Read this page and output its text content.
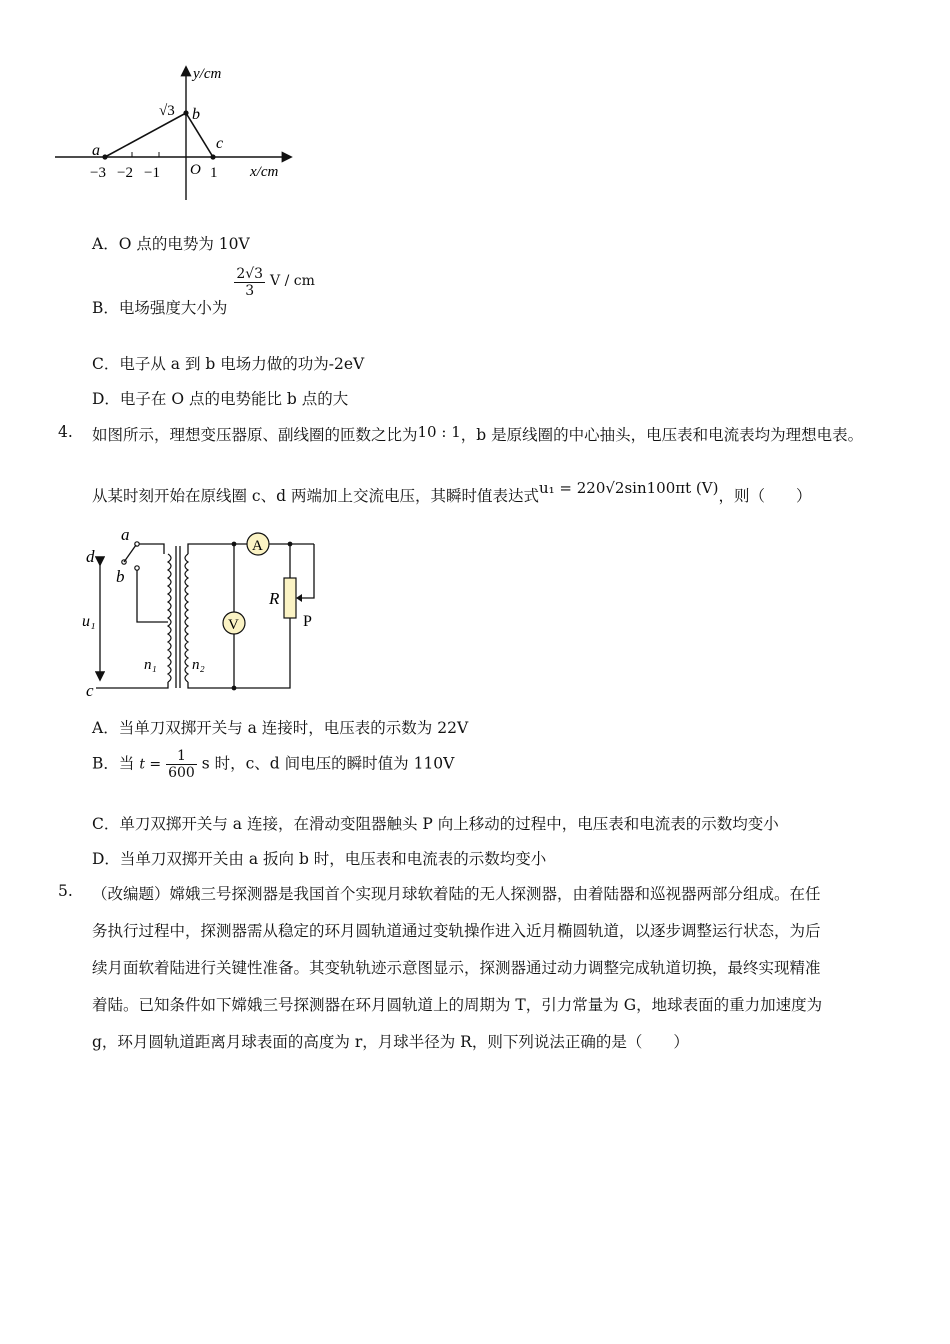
y/cm
x/cm
O
√3
a
b
c
−3 −2 −1	1
A．O 点的电势为 10V
B．电场强度大小为
$\frac{2√3}{3}$ V / cm
C．电子从 a 到 b 电场力做的功为-2eV
D．电子在 O 点的电势能比 b 点的大
4. 如图所示，理想变压器原、副线圈的匝数之比为10 : 1，b 是原线圈的中心抽头，电压表和电流表均为理想电表。
从某时刻开始在原线圈 c、d 两端加上交流电压，其瞬时值表达式u₁ = 220√2sin100πt (V)，则（　　）
d
a
b
c
u₁
n₁ n₂
A
V
R
P
A．当单刀双掷开关与 a 连接时，电压表的示数为 22V
B．当 $t = \frac{1}{600}$ s 时，c、d 间电压的瞬时值为 110V
C．单刀双掷开关与 a 连接，在滑动变阻器触头 P 向上移动的过程中，电压表和电流表的示数均变小
D．当单刀双掷开关由 a 扳向 b 时，电压表和电流表的示数均变小
5. （改编题）嫦娥三号探测器是我国首个实现月球软着陆的无人探测器，由着陆器和巡视器两部分组成。在任
务执行过程中，探测器需从稳定的环月圆轨道通过变轨操作进入近月椭圆轨道，以逐步调整运行状态，为后
续月面软着陆进行关键性准备。其变轨轨迹示意图显示，探测器通过动力调整完成轨道切换，最终实现精准
着陆。已知条件如下嫦娥三号探测器在环月圆轨道上的周期为 T，引力常量为 G，地球表面的重力加速度为
g，环月圆轨道距离月球表面的高度为 r，月球半径为 R，则下列说法正确的是（　　）
